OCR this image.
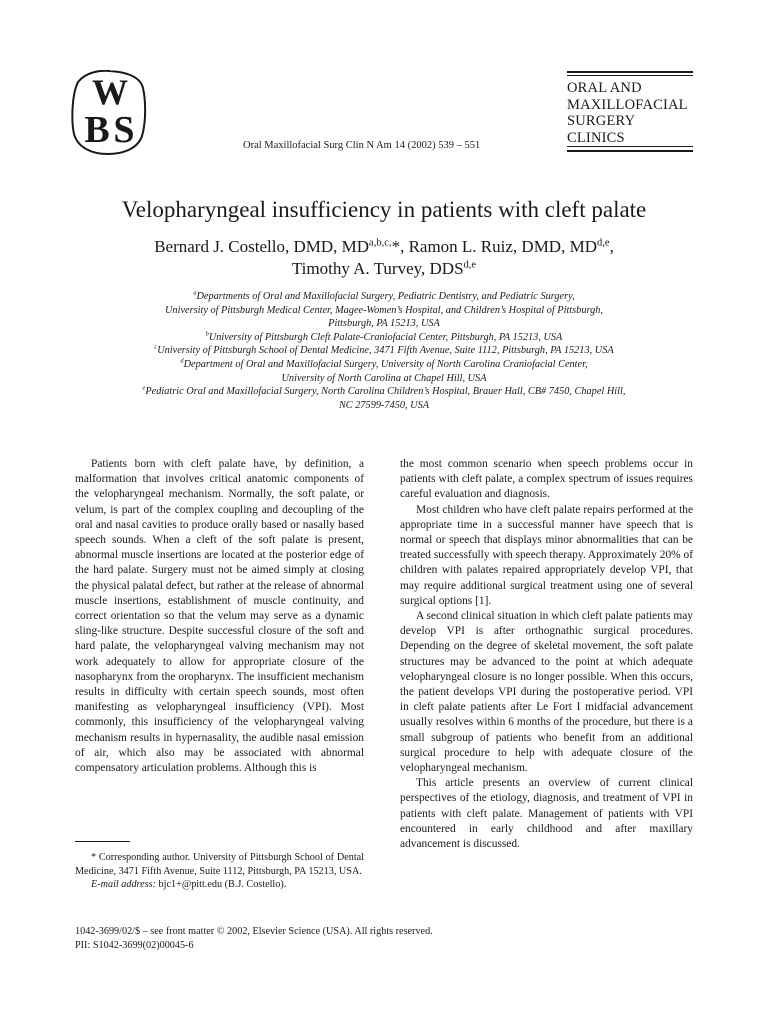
W
B S
ORAL AND
MAXILLOFACIAL
SURGERY
CLINICS
Oral Maxillofacial Surg Clin N Am 14 (2002) 539 – 551
Velopharyngeal insufficiency in patients with cleft palate
Bernard J. Costello, DMD, $MD^{a,b,c,}*$, Ramon L. Ruiz, DMD, MD$^{d,e}$,
Timothy A. Turvey, DDS$^{d,e}$
$^a$Departments of Oral and Maxillofacial Surgery, Pediatric Dentistry, and Pediatric Surgery,
University of Pittsburgh Medical Center, Magee-Women’s Hospital, and Children’s Hospital of Pittsburgh,
Pittsburgh, PA 15213, USA
$^b$University of Pittsburgh Cleft Palate-Craniofacial Center, Pittsburgh, PA 15213, USA
$^c$University of Pittsburgh School of Dental Medicine, 3471 Fifth Avenue, Suite 1112, Pittsburgh, PA 15213, USA
$^d$Department of Oral and Maxillofacial Surgery, University of North Carolina Craniofacial Center,
University of North Carolina at Chapel Hill, USA
$^e$Pediatric Oral and Maxillofacial Surgery, North Carolina Children’s Hospital, Brauer Hall, CB# 7450, Chapel Hill,
NC 27599-7450, USA

Patients born with cleft palate have, by definition, a malformation that involves critical anatomic components of the velopharyngeal mechanism. Normally, the soft palate, or velum, is part of the complex coupling and decoupling of the oral and nasal cavities to produce orally based or nasally based speech sounds. When a cleft of the soft palate is present, abnormal muscle insertions are located at the posterior edge of the hard palate. Surgery must not be aimed simply at closing the physical palatal defect, but rather at the release of abnormal muscle insertions, establishment of muscle continuity, and correct orientation so that the velum may serve as a dynamic sling-like structure. Despite successful closure of the soft and hard palate, the velopharyngeal valving mechanism may not work adequately to allow for appropriate closure of the nasopharynx from the oropharynx. The insufficient mechanism results in difficulty with certain speech sounds, most often manifesting as velopharyngeal insufficiency (VPI). Most commonly, this insufficiency of the velopharyngeal valving mechanism results in hypernasality, the audible nasal emission of air, which also may be associated with abnormal compensatory articulation problems. Although this is

the most common scenario when speech problems occur in patients with cleft palate, a complex spectrum of issues requires careful evaluation and diagnosis.

Most children who have cleft palate repairs performed at the appropriate time in a successful manner have speech that is normal or speech that displays minor abnormalities that can be treated successfully with speech therapy. Approximately 20% of children with palates repaired appropriately develop VPI, that may require additional surgical treatment using one of several surgical options [1].

A second clinical situation in which cleft palate patients may develop VPI is after orthognathic surgical procedures. Depending on the degree of skeletal movement, the soft palate structures may be advanced to the point at which adequate velopharyngeal closure is no longer possible. When this occurs, the patient develops VPI during the postoperative period. VPI in cleft palate patients after Le Fort I midfacial advancement usually resolves within 6 months of the procedure, but there is a small subgroup of patients who benefit from an additional surgical procedure to help with adequate closure of the velopharyngeal mechanism.

This article presents an overview of current clinical perspectives of the etiology, diagnosis, and treatment of VPI in patients with cleft palate. Management of patients with VPI encountered in early childhood and after maxillary advancement is discussed.

* Corresponding author. University of Pittsburgh School of Dental Medicine, 3471 Fifth Avenue, Suite 1112, Pittsburgh, PA 15213, USA.

E-mail address: bjc1+@pitt.edu (B.J. Costello).

1042-3699/02/$ – see front matter © 2002, Elsevier Science (USA). All rights reserved.
PII: S1042-3699(02)00045-6
